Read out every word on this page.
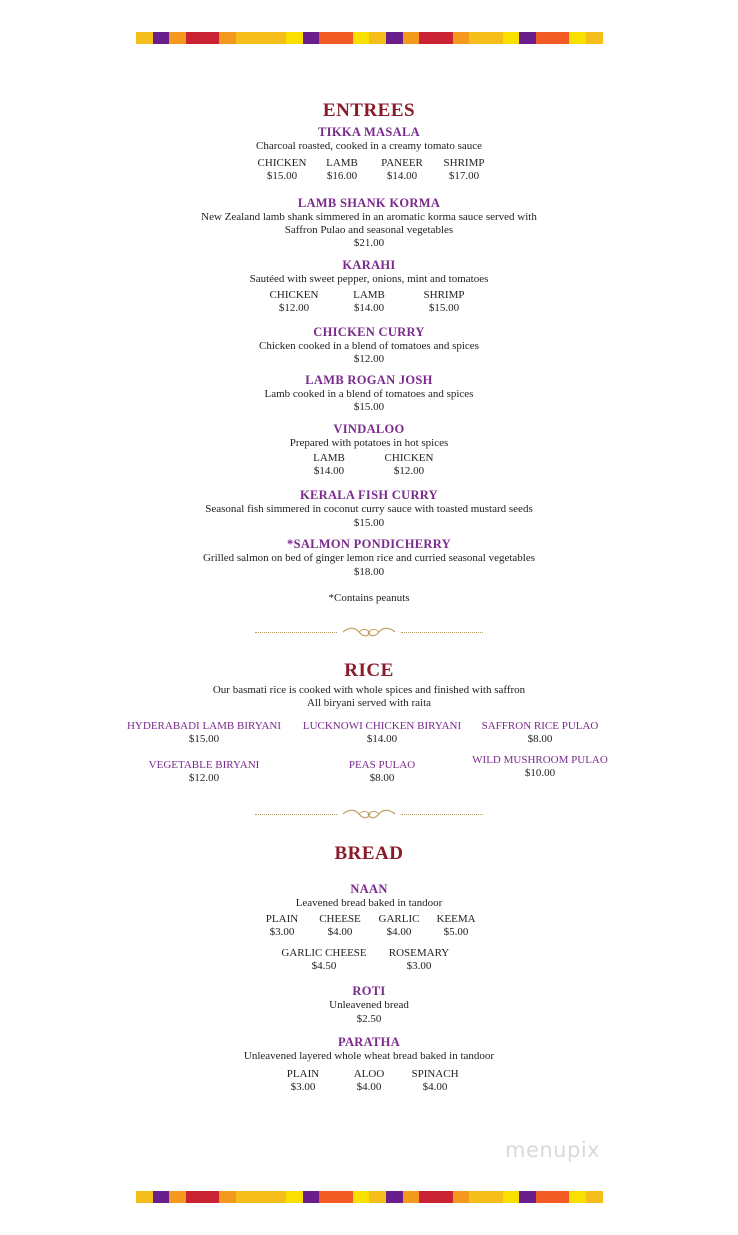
ENTREES
TIKKA MASALA
Charcoal roasted, cooked in a creamy tomato sauce
CHICKEN
$15.00
LAMB
$16.00
PANEER
$14.00
SHRIMP
$17.00
LAMB SHANK KORMA
New Zealand lamb shank simmered in an aromatic korma sauce served with
Saffron Pulao and seasonal vegetables
$21.00
KARAHI
Sautéed with sweet pepper, onions, mint and tomatoes
CHICKEN
$12.00
LAMB
$14.00
SHRIMP
$15.00
CHICKEN CURRY
Chicken cooked in a blend of tomatoes and spices
$12.00
LAMB ROGAN JOSH
Lamb cooked in a blend of tomatoes and spices
$15.00
VINDALOO
Prepared with potatoes in hot spices
LAMB
$14.00
CHICKEN
$12.00
KERALA FISH CURRY
Seasonal fish simmered in coconut curry sauce with toasted mustard seeds
$15.00
*SALMON PONDICHERRY
Grilled salmon on bed of ginger lemon rice and curried seasonal vegetables
$18.00
*Contains peanuts
RICE
Our basmati rice is cooked with whole spices and finished with saffron
All biryani served with raita
HYDERABADI LAMB BIRYANI
$15.00
LUCKNOWI CHICKEN BIRYANI
$14.00
SAFFRON RICE PULAO
$8.00
VEGETABLE BIRYANI
$12.00
PEAS PULAO
$8.00
WILD MUSHROOM PULAO
$10.00
BREAD
NAAN
Leavened bread baked in tandoor
PLAIN
$3.00
CHEESE
$4.00
GARLIC
$4.00
KEEMA
$5.00
GARLIC CHEESE
$4.50
ROSEMARY
$3.00
ROTI
Unleavened bread
$2.50
PARATHA
Unleavened layered whole wheat bread baked in tandoor
PLAIN
$3.00
ALOO
$4.00
SPINACH
$4.00
menupix
